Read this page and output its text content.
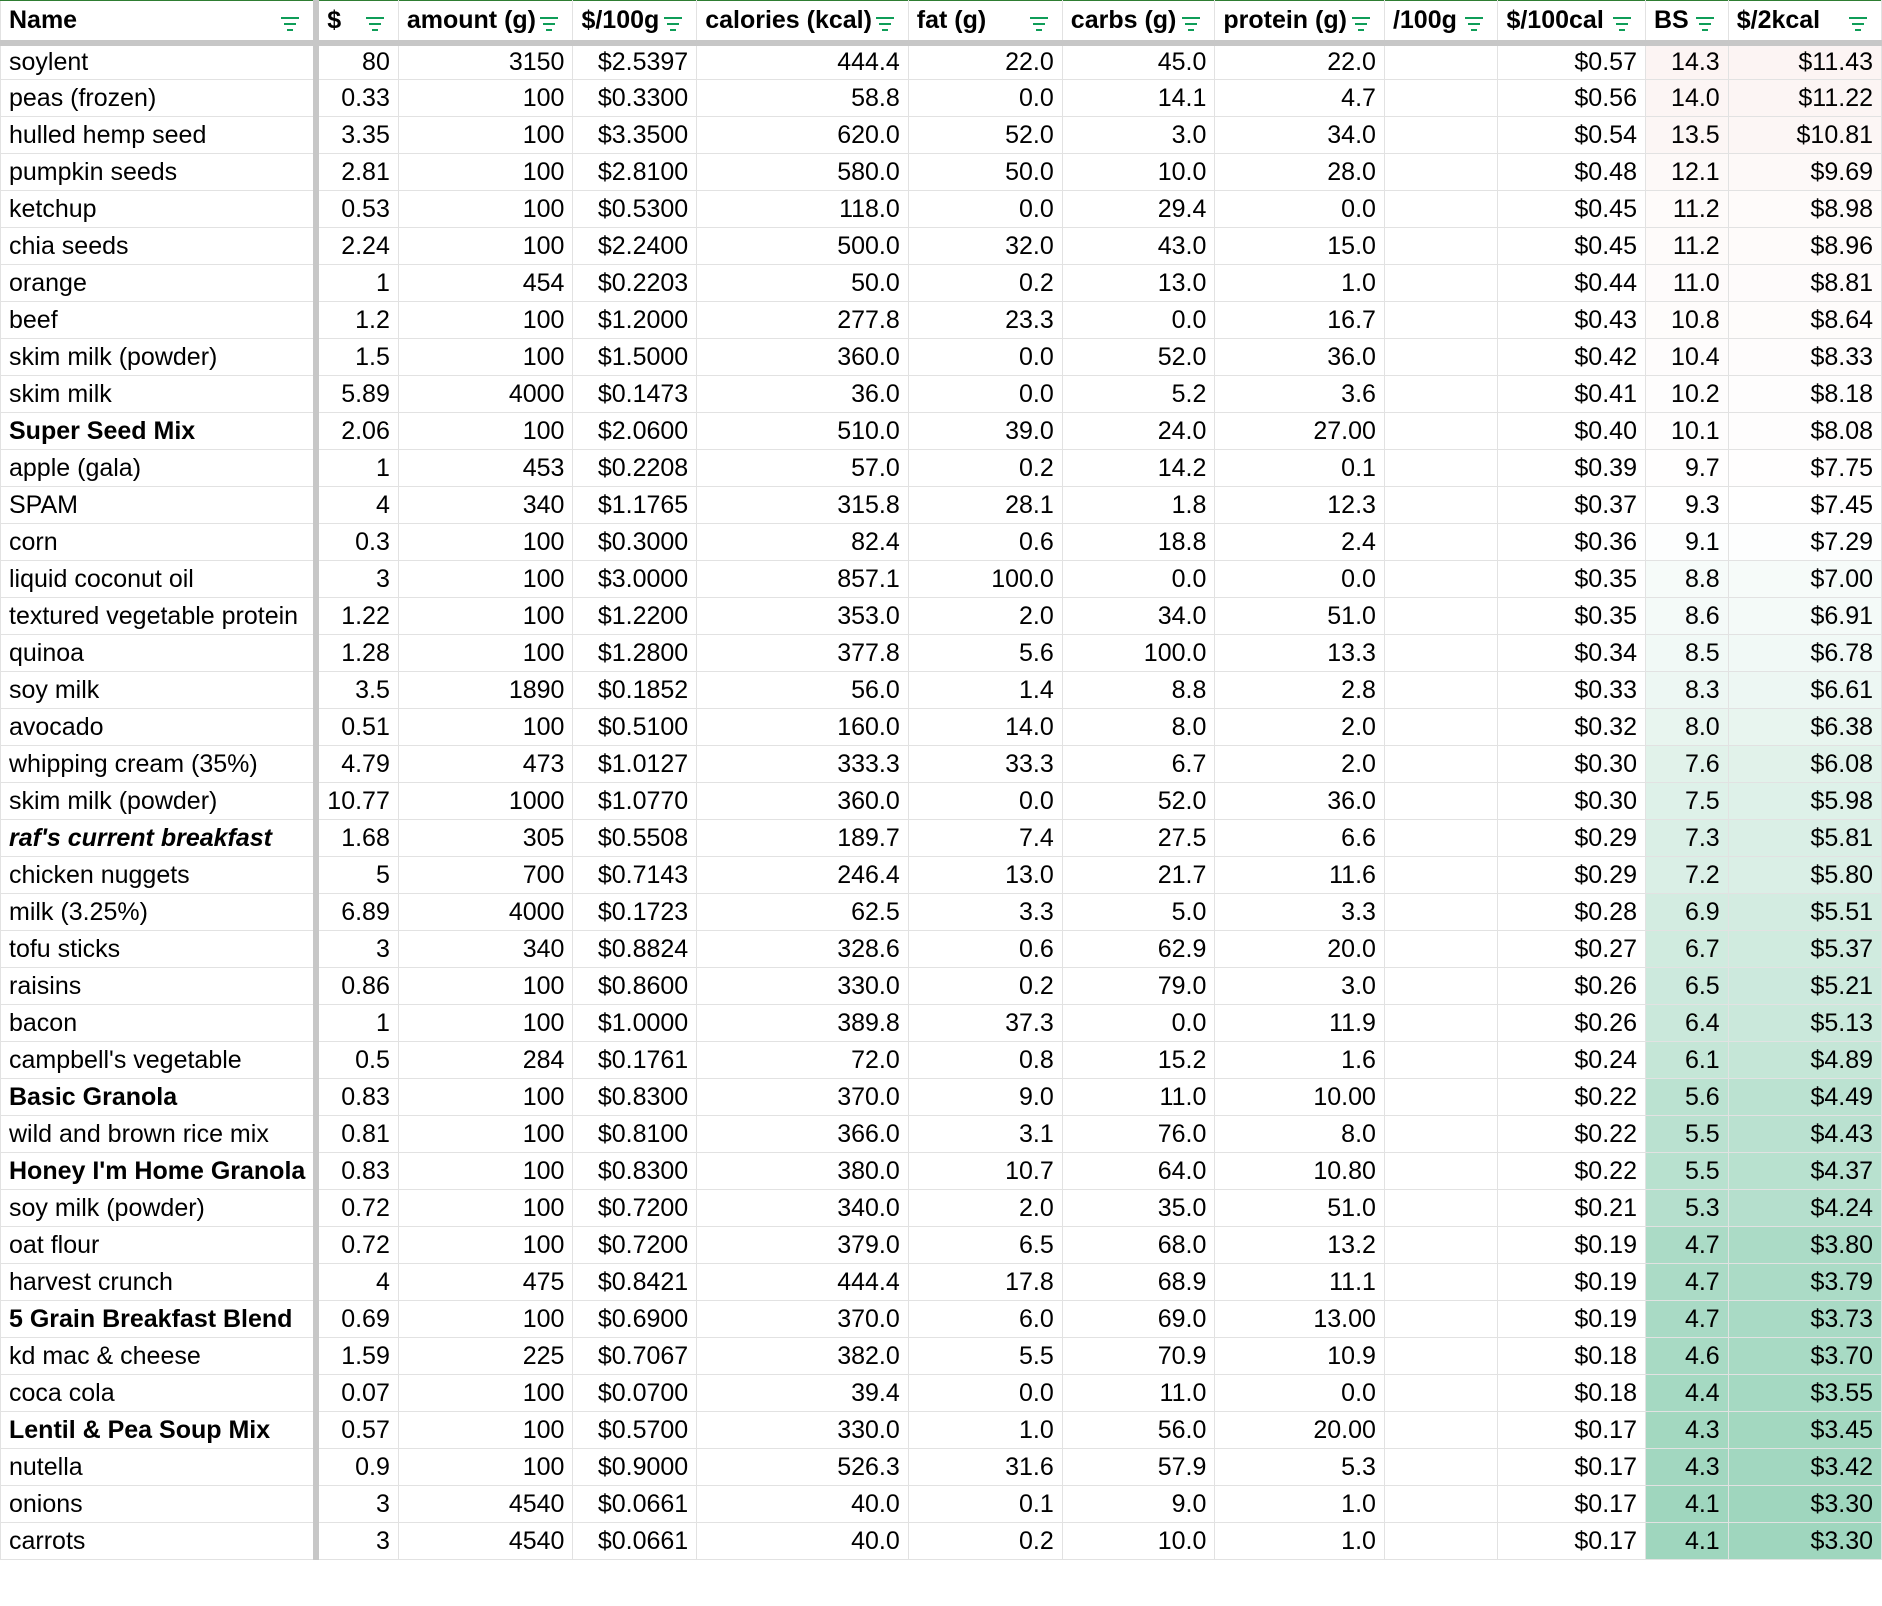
Name	$	amount (g)	$/100g	calories (kcal)	fat (g)	carbs (g)	protein (g)	/100g	$/100cal	BS	$/2kcal

soylent	80	3150	$2.5397	444.4	22.0	45.0	22.0		$0.57	14.3	$11.43
peas (frozen)	0.33	100	$0.3300	58.8	0.0	14.1	4.7		$0.56	14.0	$11.22
hulled hemp seed	3.35	100	$3.3500	620.0	52.0	3.0	34.0		$0.54	13.5	$10.81
pumpkin seeds	2.81	100	$2.8100	580.0	50.0	10.0	28.0		$0.48	12.1	$9.69
ketchup	0.53	100	$0.5300	118.0	0.0	29.4	0.0		$0.45	11.2	$8.98
chia seeds	2.24	100	$2.2400	500.0	32.0	43.0	15.0		$0.45	11.2	$8.96
orange	1	454	$0.2203	50.0	0.2	13.0	1.0		$0.44	11.0	$8.81
beef	1.2	100	$1.2000	277.8	23.3	0.0	16.7		$0.43	10.8	$8.64
skim milk (powder)	1.5	100	$1.5000	360.0	0.0	52.0	36.0		$0.42	10.4	$8.33
skim milk	5.89	4000	$0.1473	36.0	0.0	5.2	3.6		$0.41	10.2	$8.18
Super Seed Mix	2.06	100	$2.0600	510.0	39.0	24.0	27.00		$0.40	10.1	$8.08
apple (gala)	1	453	$0.2208	57.0	0.2	14.2	0.1		$0.39	9.7	$7.75
SPAM	4	340	$1.1765	315.8	28.1	1.8	12.3		$0.37	9.3	$7.45
corn	0.3	100	$0.3000	82.4	0.6	18.8	2.4		$0.36	9.1	$7.29
liquid coconut oil	3	100	$3.0000	857.1	100.0	0.0	0.0		$0.35	8.8	$7.00
textured vegetable protein	1.22	100	$1.2200	353.0	2.0	34.0	51.0		$0.35	8.6	$6.91
quinoa	1.28	100	$1.2800	377.8	5.6	100.0	13.3		$0.34	8.5	$6.78
soy milk	3.5	1890	$0.1852	56.0	1.4	8.8	2.8		$0.33	8.3	$6.61
avocado	0.51	100	$0.5100	160.0	14.0	8.0	2.0		$0.32	8.0	$6.38
whipping cream (35%)	4.79	473	$1.0127	333.3	33.3	6.7	2.0		$0.30	7.6	$6.08
skim milk (powder)	10.77	1000	$1.0770	360.0	0.0	52.0	36.0		$0.30	7.5	$5.98
raf's current breakfast	1.68	305	$0.5508	189.7	7.4	27.5	6.6		$0.29	7.3	$5.81
chicken nuggets	5	700	$0.7143	246.4	13.0	21.7	11.6		$0.29	7.2	$5.80
milk (3.25%)	6.89	4000	$0.1723	62.5	3.3	5.0	3.3		$0.28	6.9	$5.51
tofu sticks	3	340	$0.8824	328.6	0.6	62.9	20.0		$0.27	6.7	$5.37
raisins	0.86	100	$0.8600	330.0	0.2	79.0	3.0		$0.26	6.5	$5.21
bacon	1	100	$1.0000	389.8	37.3	0.0	11.9		$0.26	6.4	$5.13
campbell's vegetable	0.5	284	$0.1761	72.0	0.8	15.2	1.6		$0.24	6.1	$4.89
Basic Granola	0.83	100	$0.8300	370.0	9.0	11.0	10.00		$0.22	5.6	$4.49
wild and brown rice mix	0.81	100	$0.8100	366.0	3.1	76.0	8.0		$0.22	5.5	$4.43
Honey I'm Home Granola	0.83	100	$0.8300	380.0	10.7	64.0	10.80		$0.22	5.5	$4.37
soy milk (powder)	0.72	100	$0.7200	340.0	2.0	35.0	51.0		$0.21	5.3	$4.24
oat flour	0.72	100	$0.7200	379.0	6.5	68.0	13.2		$0.19	4.7	$3.80
harvest crunch	4	475	$0.8421	444.4	17.8	68.9	11.1		$0.19	4.7	$3.79
5 Grain Breakfast Blend	0.69	100	$0.6900	370.0	6.0	69.0	13.00		$0.19	4.7	$3.73
kd mac & cheese	1.59	225	$0.7067	382.0	5.5	70.9	10.9		$0.18	4.6	$3.70
coca cola	0.07	100	$0.0700	39.4	0.0	11.0	0.0		$0.18	4.4	$3.55
Lentil & Pea Soup Mix	0.57	100	$0.5700	330.0	1.0	56.0	20.00		$0.17	4.3	$3.45
nutella	0.9	100	$0.9000	526.3	31.6	57.9	5.3		$0.17	4.3	$3.42
onions	3	4540	$0.0661	40.0	0.1	9.0	1.0		$0.17	4.1	$3.30
carrots	3	4540	$0.0661	40.0	0.2	10.0	1.0		$0.17	4.1	$3.30
